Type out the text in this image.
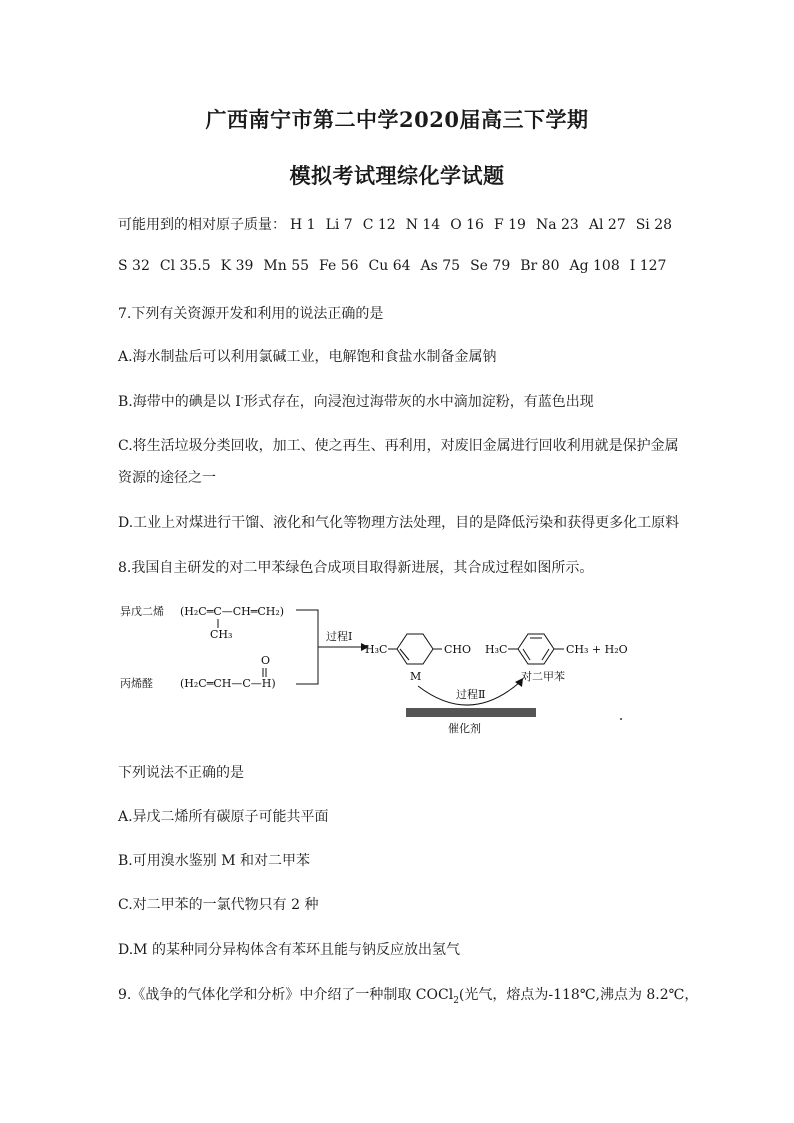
广西南宁市第二中学2020届高三下学期
模拟考试理综化学试题
可能用到的相对原子质量： H 1 Li 7 C 12 N 14 O 16 F 19 Na 23 Al 27 Si 28
S 32 Cl 35.5 K 39 Mn 55 Fe 56 Cu 64 As 75 Se 79 Br 80 Ag 108 I 127
7.下列有关资源开发和利用的说法正确的是
A.海水制盐后可以利用氯碱工业，电解饱和食盐水制备金属钠
B.海带中的碘是以 I-形式存在，向浸泡过海带灰的水中滴加淀粉，有蓝色出现
C.将生活垃圾分类回收，加工、使之再生、再利用，对废旧金属进行回收利用就是保护金属
资源的途径之一
D.工业上对煤进行干馏、液化和气化等物理方法处理，目的是降低污染和获得更多化工原料
8.我国自主研发的对二甲苯绿色合成项目取得新进展，其合成过程如图所示。
异戊二烯 (H₂C═C—CH═CH₂)
CH₃
丙烯醛 (H₂C═CH—C—H)
O
过程Ⅰ
H₃C	CHO H₃C	CH₃ + H₂O
M
过程Ⅱ
对二甲苯
催化剂
下列说法不正确的是
A.异戊二烯所有碳原子可能共平面
B.可用溴水鉴别 M 和对二甲苯
C.对二甲苯的一氯代物只有 2 种
D.M 的某种同分异构体含有苯环且能与钠反应放出氢气
9.《战争的气体化学和分析》中介绍了一种制取 COCl$_2$(光气，熔点为-118℃,沸点为 8.2℃，
